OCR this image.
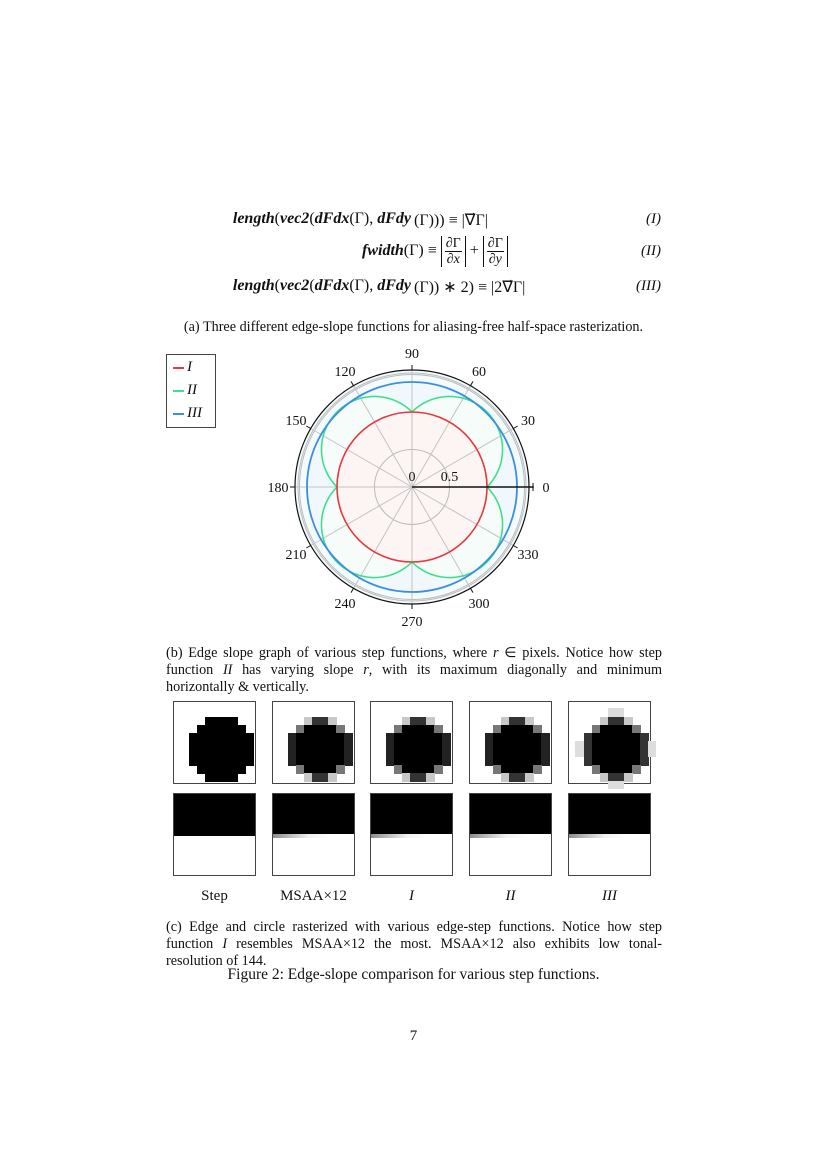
length(vec2(dFdx(Γ), dFdy (Γ))) ≡ |∇⃗Γ|	(I)
fwidth(Γ) ≡ $\frac{\partial\Gamma}{\partial x} + \frac{\partial\Gamma}{\partial y}$	(II)
length(vec2(dFdx(Γ), dFdy (Γ)) ∗ 2) ≡ |2∇⃗Γ|	(III)
(a) Three different edge-slope functions for aliasing-free half-space rasterization.
I
II
III
0
30
60
90
120
150
180
210
240
270
300
330
0 0.5
(b) Edge slope graph of various step functions, where r ∈ pixels. Notice how step function II has varying slope r, with its maximum diagonally and minimum horizontally & vertically.
Step	MSAA×12	I	II	III
(c) Edge and circle rasterized with various edge-step functions. Notice how step function I resembles MSAA×12 the most. MSAA×12 also exhibits low tonal-resolution of 144.
Figure 2: Edge-slope comparison for various step functions.
7
